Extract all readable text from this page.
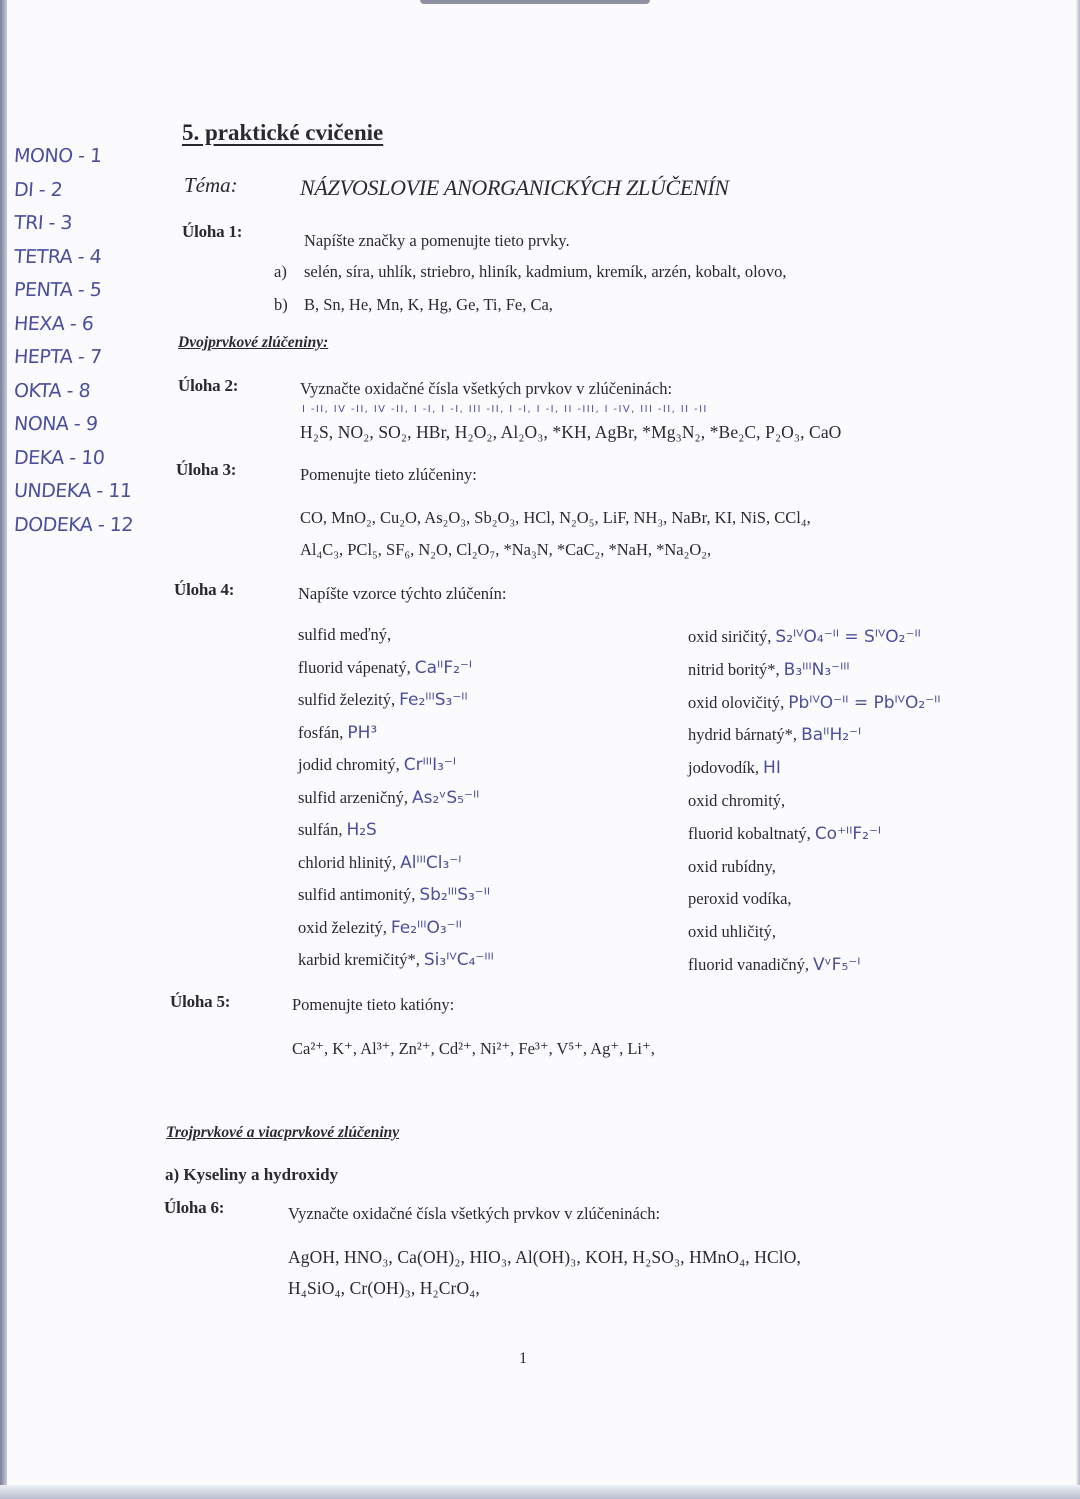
MONO - 1
DI - 2
TRI - 3
TETRA - 4
PENTA - 5
HEXA - 6
HEPTA - 7
OKTA - 8
NONA - 9
DEKA - 10
UNDEKA - 11
DODEKA - 12
5. praktické cvičenie
Téma:	NÁZVOSLOVIE ANORGANICKÝCH ZLÚČENÍN
Úloha 1:	Napíšte značky a pomenujte tieto prvky.
a) selén, síra, uhlík, striebro, hliník, kadmium, kremík, arzén, kobalt, olovo,
b) B, Sn, He, Mn, K, Hg, Ge, Ti, Fe, Ca,
Dvojprvkové zlúčeniny:
Úloha 2:	Vyznačte oxidačné čísla všetkých prvkov v zlúčeninách:
H₂S, NO₂, SO₂, HBr, H₂O₂, Al₂O₃, *KH, AgBr, *Mg₃N₂, *Be₂C, P₂O₃, CaO
I -II, IV -II, IV -II, I -I, I -I, III -II, I -I, I -I, II -III, I -IV, III -II, II -II
Úloha 3:	Pomenujte tieto zlúčeniny:
CO, MnO₂, Cu₂O, As₂O₃, Sb₂O₃, HCl, N₂O₅, LiF, NH₃, NaBr, KI, NiS, CCl₄,
Al₄C₃, PCl₅, SF₆, N₂O, Cl₂O₇, *Na₃N, *CaC₂, *NaH, *Na₂O₂,
Úloha 4:	Napíšte vzorce týchto zlúčenín:
sulfid meďný,
fluorid vápenatý, CaᴵᴵF₂⁻ᴵ
sulfid železitý, Fe₂ᴵᴵᴵS₃⁻ᴵᴵ
fosfán, PH³
jodid chromitý, CrᴵᴵᴵI₃⁻ᴵ
sulfid arzeničný, As₂ᵛS₅⁻ᴵᴵ
sulfán, H₂S
chlorid hlinitý, AlᴵᴵᴵCl₃⁻ᴵ
sulfid antimonitý, Sb₂ᴵᴵᴵS₃⁻ᴵᴵ
oxid železitý, Fe₂ᴵᴵᴵO₃⁻ᴵᴵ
karbid kremičitý*, Si₃ᴵⱽC₄⁻ᴵᴵᴵ
oxid siričitý, S₂ᴵⱽO₄⁻ᴵᴵ = SᴵⱽO₂⁻ᴵᴵ
nitrid boritý*, B₃ᴵᴵᴵN₃⁻ᴵᴵᴵ
oxid olovičitý, PbᴵⱽO⁻ᴵᴵ = PbᴵⱽO₂⁻ᴵᴵ
hydrid bárnatý*, BaᴵᴵH₂⁻ᴵ
jodovodík, HI
oxid chromitý,
fluorid kobaltnatý, Co⁺ᴵᴵF₂⁻ᴵ
oxid rubídny,
peroxid vodíka,
oxid uhličitý,
fluorid vanadičný, VᵛF₅⁻ᴵ
Úloha 5:	Pomenujte tieto katióny:
Ca²⁺, K⁺, Al³⁺, Zn²⁺, Cd²⁺, Ni²⁺, Fe³⁺, V⁵⁺, Ag⁺, Li⁺,
Trojprvkové a viacprvkové zlúčeniny
a) Kyseliny a hydroxidy
Úloha 6:	Vyznačte oxidačné čísla všetkých prvkov v zlúčeninách:
AgOH, HNO₃, Ca(OH)₂, HIO₃, Al(OH)₃, KOH, H₂SO₃, HMnO₄, HClO,
H₄SiO₄, Cr(OH)₃, H₂CrO₄,
1
